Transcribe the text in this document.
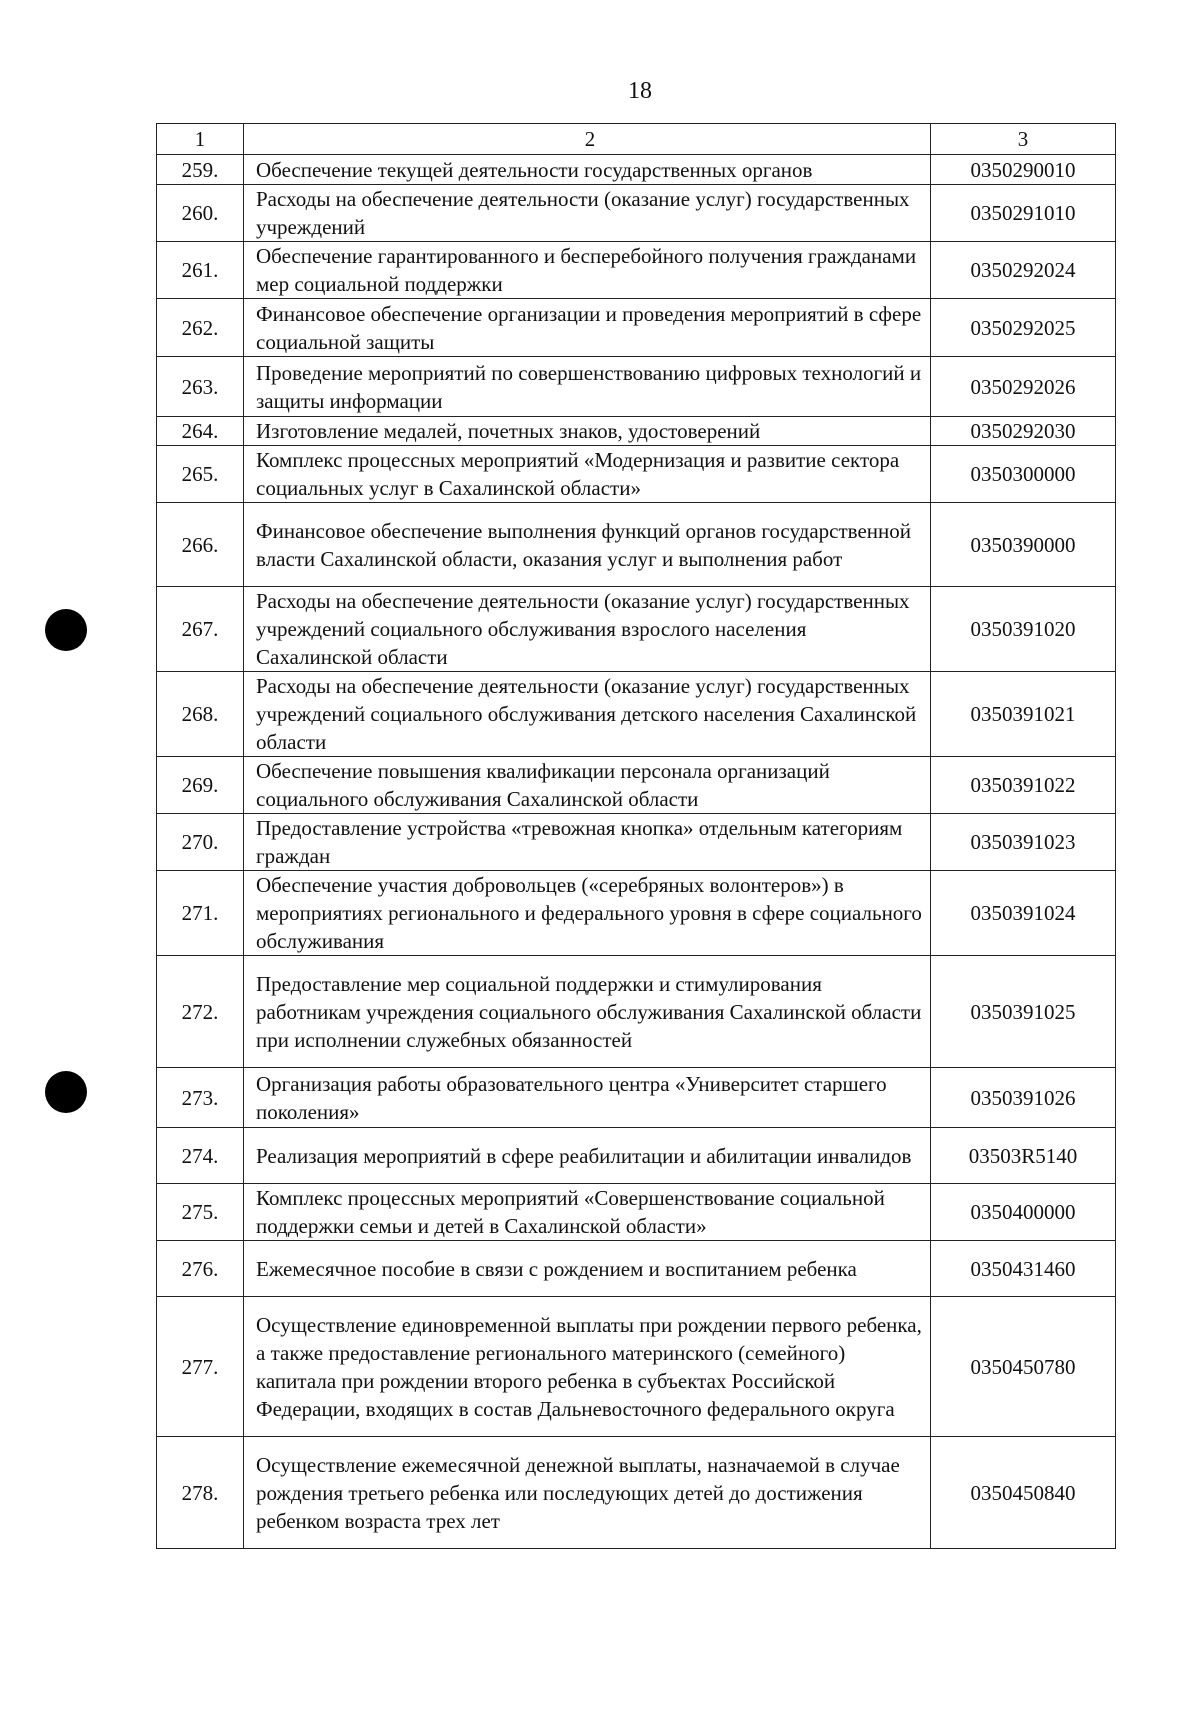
18
1	2	3
259.	Обеспечение текущей деятельности государственных органов	0350290010
260.	Расходы на обеспечение деятельности (оказание услуг) государственных учреждений	0350291010
261.	Обеспечение гарантированного и бесперебойного получения гражданами мер социальной поддержки	0350292024
262.	Финансовое обеспечение организации и проведения мероприятий в сфере социальной защиты	0350292025
263.	Проведение мероприятий по совершенствованию цифровых технологий и защиты информации	0350292026
264.	Изготовление медалей, почетных знаков, удостоверений	0350292030
265.	Комплекс процессных мероприятий «Модернизация и развитие сектора социальных услуг в Сахалинской области»	0350300000
266.	Финансовое обеспечение выполнения функций органов государственной власти Сахалинской области, оказания услуг и выполнения работ	0350390000
267.	Расходы на обеспечение деятельности (оказание услуг) государственных учреждений социального обслуживания взрослого населения Сахалинской области	0350391020
268.	Расходы на обеспечение деятельности (оказание услуг) государственных учреждений социального обслуживания детского населения Сахалинской области	0350391021
269.	Обеспечение повышения квалификации персонала организаций социального обслуживания Сахалинской области	0350391022
270.	Предоставление устройства «тревожная кнопка» отдельным категориям граждан	0350391023
271.	Обеспечение участия добровольцев («серебряных волонтеров») в мероприятиях регионального и федерального уровня в сфере социального обслуживания	0350391024
272.	Предоставление мер социальной поддержки и стимулирования работникам учреждения социального обслуживания Сахалинской области при исполнении служебных обязанностей	0350391025
273.	Организация работы образовательного центра «Университет старшего поколения»	0350391026
274.	Реализация мероприятий в сфере реабилитации и абилитации инвалидов	03503R5140
275.	Комплекс процессных мероприятий «Совершенствование социальной поддержки семьи и детей в Сахалинской области»	0350400000
276.	Ежемесячное пособие в связи с рождением и воспитанием ребенка	0350431460
277.	Осуществление единовременной выплаты при рождении первого ребенка, а также предоставление регионального материнского (семейного) капитала при рождении второго ребенка в субъектах Российской Федерации, входящих в состав Дальневосточного федерального округа	0350450780
278.	Осуществление ежемесячной денежной выплаты, назначаемой в случае рождения третьего ребенка или последующих детей до достижения ребенком возраста трех лет	0350450840
